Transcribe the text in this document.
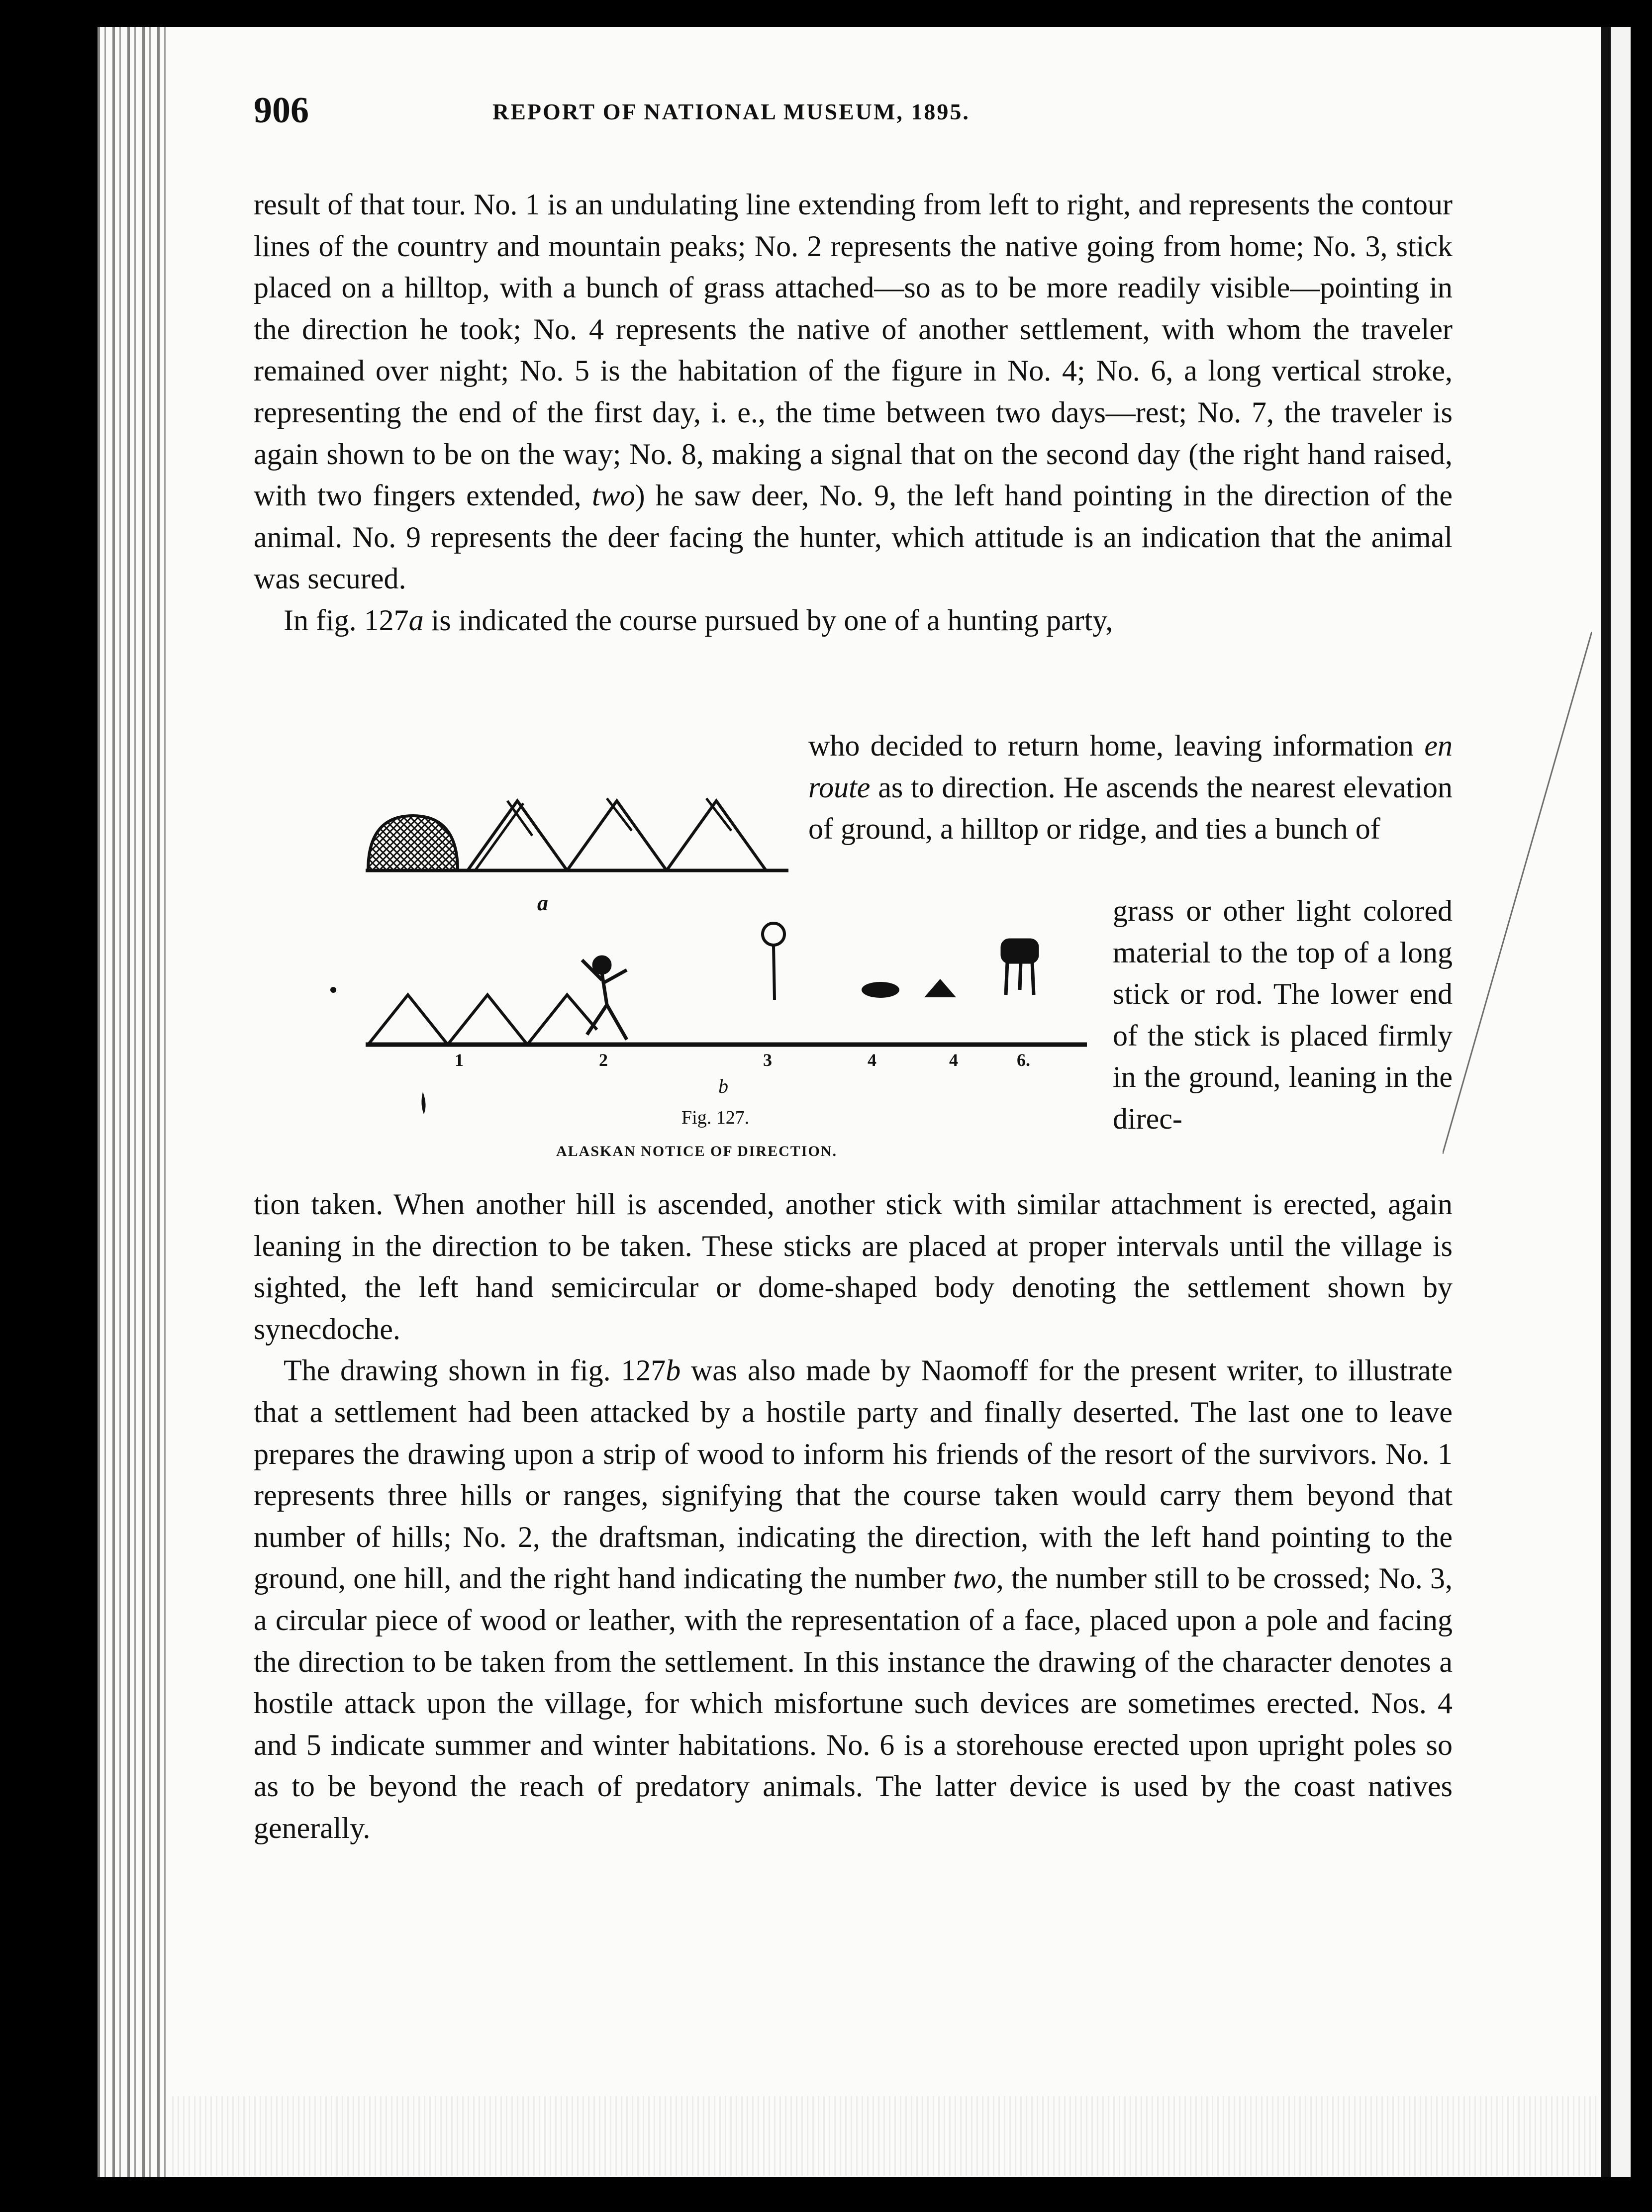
906	REPORT OF NATIONAL MUSEUM, 1895.

result of that tour. No. 1 is an undulating line extending from left to right, and represents the contour lines of the country and mountain peaks; No. 2 represents the native going from home; No. 3, stick placed on a hilltop, with a bunch of grass attached—so as to be more readily visible—pointing in the direction he took; No. 4 represents the native of another settlement, with whom the traveler remained over night; No. 5 is the habitation of the figure in No. 4; No. 6, a long vertical stroke, representing the end of the first day, i. e., the time between two days—rest; No. 7, the traveler is again shown to be on the way; No. 8, making a signal that on the second day (the right hand raised, with two fingers extended, two) he saw deer, No. 9, the left hand pointing in the direction of the animal. No. 9 represents the deer facing the hunter, which attitude is an indication that the animal was secured.

In fig. 127a is indicated the course pursued by one of a hunting party,

who decided to return home, leaving information en route as to direction. He ascends the nearest elevation of ground, a hilltop or ridge, and ties a bunch of

grass or other light colored material to the top of a long stick or rod. The lower end of the stick is placed firmly in the ground, leaning in the direc-

tion taken. When another hill is ascended, another stick with similar attachment is erected, again leaning in the direction to be taken. These sticks are placed at proper intervals until the village is sighted, the left hand semicircular or dome-shaped body denoting the settlement shown by synecdoche.

The drawing shown in fig. 127b was also made by Naomoff for the present writer, to illustrate that a settlement had been attacked by a hostile party and finally deserted. The last one to leave prepares the drawing upon a strip of wood to inform his friends of the resort of the survivors. No. 1 represents three hills or ranges, signifying that the course taken would carry them beyond that number of hills; No. 2, the draftsman, indicating the direction, with the left hand pointing to the ground, one hill, and the right hand indicating the number two, the number still to be crossed; No. 3, a circular piece of wood or leather, with the representation of a face, placed upon a pole and facing the direction to be taken from the settlement. In this instance the drawing of the character denotes a hostile attack upon the village, for which misfortune such devices are sometimes erected. Nos. 4 and 5 indicate summer and winter habitations. No. 6 is a storehouse erected upon upright poles so as to be beyond the reach of predatory animals. The latter device is used by the coast natives generally.

a
1	2	3	4	4	6.
b
Fig. 127.
ALASKAN NOTICE OF DIRECTION.
